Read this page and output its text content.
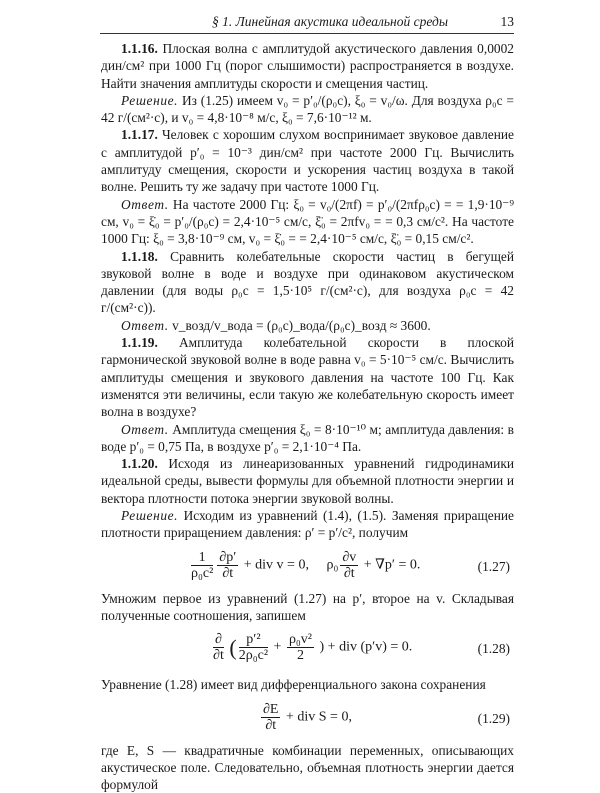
§ 1. Линейная акустика идеальной среды	13

1.1.16. Плоская волна с амплитудой акустического давления 0,0002 дин/см² при 1000 Гц (порог слышимости) распространяется в воздухе. Найти значения амплитуды скорости и смещения частиц.

Решение. Из (1.25) имеем v₀ = p′₀/(ρ₀c), ξ₀ = v₀/ω. Для воздуха ρ₀c = 42 г/(см²·с), и v₀ = 4,8·10⁻⁸ м/с, ξ₀ = 7,6·10⁻¹² м.

1.1.17. Человек с хорошим слухом воспринимает звуковое давление с амплитудой p′₀ = 10⁻³ дин/см² при частоте 2000 Гц. Вычислить амплитуду смещения, скорости и ускорения частиц воздуха в такой волне. Решить ту же задачу при частоте 1000 Гц.

Ответ. На частоте 2000 Гц: ξ₀ = v₀/(2πf) = p′₀/(2πfρ₀c) = = 1,9·10⁻⁹ см, v₀ = ξ̇₀ = p′₀/(ρ₀c) = 2,4·10⁻⁵ см/с, ξ̈₀ = 2πfv₀ = = 0,3 см/с². На частоте 1000 Гц: ξ₀ = 3,8·10⁻⁹ см, v₀ = ξ̇₀ = = 2,4·10⁻⁵ см/с, ξ̈₀ = 0,15 см/с².

1.1.18. Сравнить колебательные скорости частиц в бегущей звуковой волне в воде и воздухе при одинаковом акустическом давлении (для воды ρ₀c = 1,5·10⁵ г/(см²·с), для воздуха ρ₀c = 42 г/(см²·с)).

Ответ. v_возд/v_вода = (ρ₀c)_вода/(ρ₀c)_возд ≈ 3600.

1.1.19. Амплитуда колебательной скорости в плоской гармонической звуковой волне в воде равна v₀ = 5·10⁻⁵ см/с. Вычислить амплитуды смещения и звукового давления на частоте 100 Гц. Как изменятся эти величины, если такую же колебательную скорость имеет волна в воздухе?

Ответ. Амплитуда смещения ξ₀ = 8·10⁻¹⁰ м; амплитуда давления: в воде p′₀ = 0,75 Па, в воздухе p′₀ = 2,1·10⁻⁴ Па.

1.1.20. Исходя из линеаризованных уравнений гидродинамики идеальной среды, вывести формулы для объемной плотности энергии и вектора плотности потока энергии звуковой волны.

Решение. Исходим из уравнений (1.4), (1.5). Заменяя приращение плотности приращением давления: ρ′ = p′/c², получим

$\frac{1}{\text{ρ₀c²}} \frac{\partial p'}{\partial t}$ + div v = 0, $\rho_0 \frac{\partial v}{\partial t} + \nabla p' = 0$.	(1.27)

Умножим первое из уравнений (1.27) на p′, второе на v. Складывая полученные соотношения, запишем

$\frac{\partial}{\partial t}$ ( $\frac{\text{p′²}}{\text{2ρ₀c²}} + \frac{\text{ρ₀v²}}{2}$ ) + div (p′v) = 0.	(1.28)

Уравнение (1.28) имеет вид дифференциального закона сохранения

$\frac{\partial E}{\partial t}$ + div S = 0,	(1.29)

где E, S — квадратичные комбинации переменных, описывающих акустическое поле. Следовательно, объемная плотность энергии дается формулой
